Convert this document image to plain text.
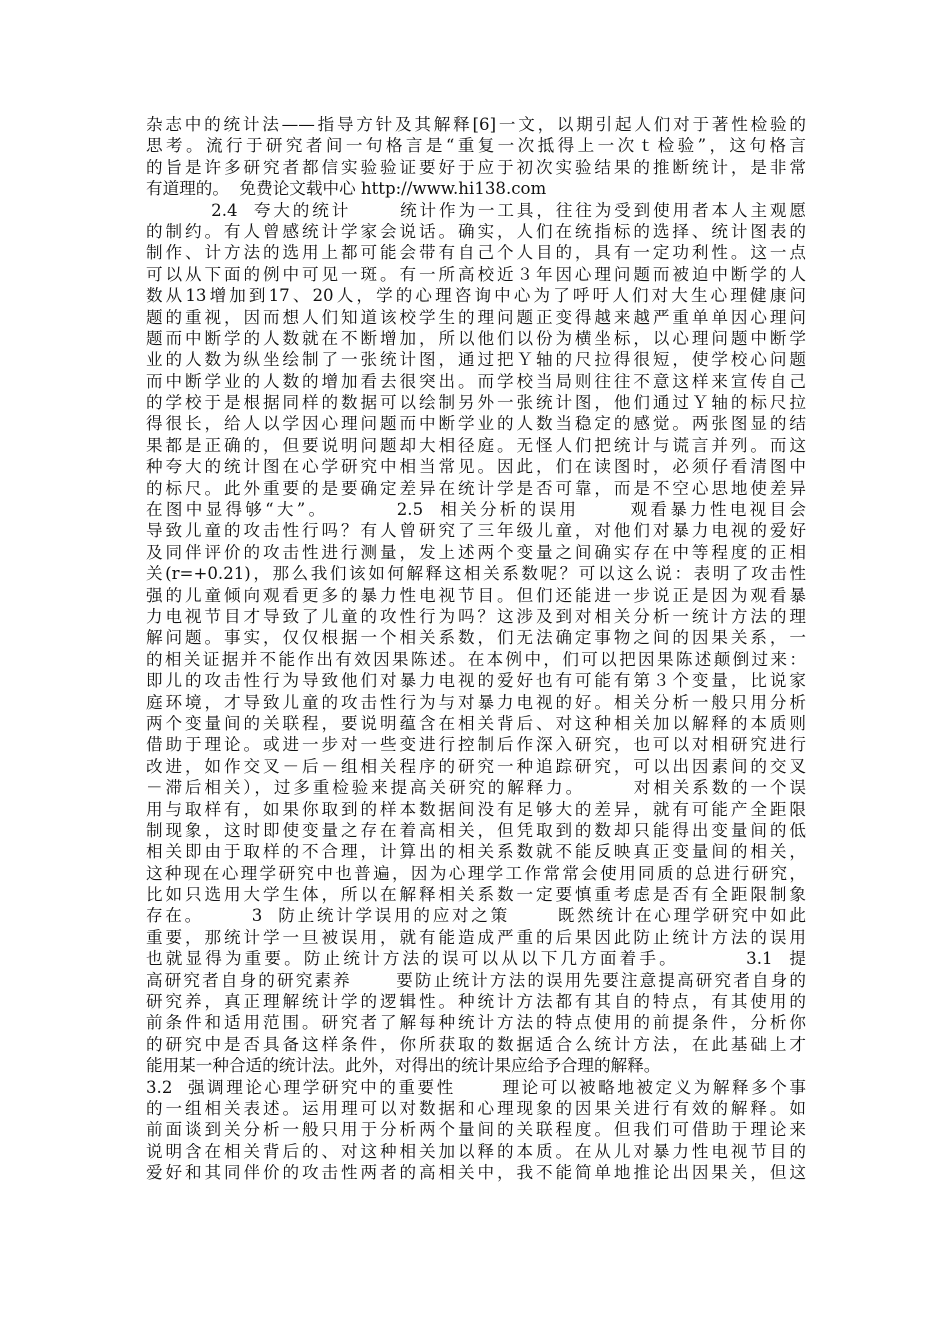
杂志中的统计法——指导方针及其解释[6]一文，以期引起人们对于著性检验的
思考。流行于研究者间一句格言是“重复一次抵得上一次ｔ检验”，这句格言
的旨是许多研究者都信实验验证要好于应于初次实验结果的推断统计，是非常
有道理的。  免费论文载中心 http://www.hi138.com
2.4  夸大的统计      统计作为一工具，往往为受到使用者本人主观愿
的制约。有人曾感统计学家会说话。确实，人们在统指标的选择、统计图表的
制作、计方法的选用上都可能会带有自己个人目的，具有一定功利性。这一点
可以从下面的例中可见一斑。有一所高校近３年因心理问题而被迫中断学的人
数从13增加到17、20人，学的心理咨询中心为了呼吁人们对大生心理健康问
题的重视，因而想人们知道该校学生的理问题正变得越来越严重单单因心理问
题而中断学的人数就在不断增加，所以他们以份为横坐标，以心理问题中断学
业的人数为纵坐绘制了一张统计图，通过把Ｙ轴的尺拉得很短，使学校心问题
而中断学业的人数的增加看去很突出。而学校当局则往往不意这样来宣传自己
的学校于是根据同样的数据可以绘制另外一张统计图，他们通过Ｙ轴的标尺拉
得很长，给人以学因心理问题而中断学业的人数当稳定的感觉。两张图显的结
果都是正确的，但要说明问题却大相径庭。无怪人们把统计与谎言并列。而这
种夸大的统计图在心学研究中相当常见。因此，们在读图时，必须仔看清图中
的标尺。此外重要的是要确定差异在统计学是否可靠，而是不空心思地使差异
在图中显得够“大”。        2.5  相关分析的误用      观看暴力性电视目会
导致儿童的攻击性行吗？有人曾研究了三年级儿童，对他们对暴力电视的爱好
及同伴评价的攻击性进行测量，发上述两个变量之间确实存在中等程度的正相
关(r=+0.21)，那么我们该如何解释这相关系数呢？可以这么说：表明了攻击性
强的儿童倾向观看更多的暴力性电视节目。但们还能进一步说正是因为观看暴
力电视节目才导致了儿童的攻性行为吗？这涉及到对相关分析一统计方法的理
解问题。事实，仅仅根据一个相关系数，们无法确定事物之间的因果关系，一
的相关证据并不能作出有效因果陈述。在本例中，们可以把因果陈述颠倒过来：
即儿的攻击性行为导致他们对暴力电视的爱好也有可能有第３个变量，比说家
庭环境，才导致儿童的攻击性行为与对暴力电视的好。相关分析一般只用分析
两个变量间的关联程，要说明蕴含在相关背后、对这种相关加以解释的本质则
借助于理论。或进一步对一些变进行控制后作深入研究，也可以对相研究进行
改进，如作交叉－后－组相关程序的研究一种追踪研究，可以出因素间的交叉
－滞后相关），过多重检验来提高关研究的解释力。      对相关系数的一个误
用与取样有，如果你取到的样本数据间没有足够大的差异，就有可能产全距限
制现象，这时即使变量之存在着高相关，但凭取到的数却只能得出变量间的低
相关即由于取样的不合理，计算出的相关系数就不能反映真正变量间的相关，
这种现在心理学研究中也普遍，因为心理学工作常常会使用同质的总进行研究，
比如只选用大学生体，所以在解释相关系数一定要慎重考虑是否有全距限制象
存在。      3  防止统计学误用的应对之策      既然统计在心理学研究中如此
重要，那统计学一旦被误用，就有能造成严重的后果因此防止统计方法的误用
也就显得为重要。防止统计方法的误可以从以下几方面着手。        3.1  提
高研究者自身的研究素养      要防止统计方法的误用先要注意提高研究者自身的
研究养，真正理解统计学的逻辑性。种统计方法都有其自的特点，有其使用的
前条件和适用范围。研究者了解每种统计方法的特点使用的前提条件，分析你
的研究中是否具备这样条件，你所获取的数据适合么统计方法，在此基础上才
能用某一种合适的统计法。此外，对得出的统计果应给予合理的解释。
3.2  强调理论心理学研究中的重要性      理论可以被略地被定义为解释多个事
的一组相关表述。运用理可以对数据和心理现象的因果关进行有效的解释。如
前面谈到关分析一般只用于分析两个量间的关联程度。但我们可借助于理论来
说明含在相关背后的、对这种相关加以释的本质。在从儿对暴力性电视节目的
爱好和其同伴价的攻击性两者的高相关中，我不能简单地推论出因果关，但这
